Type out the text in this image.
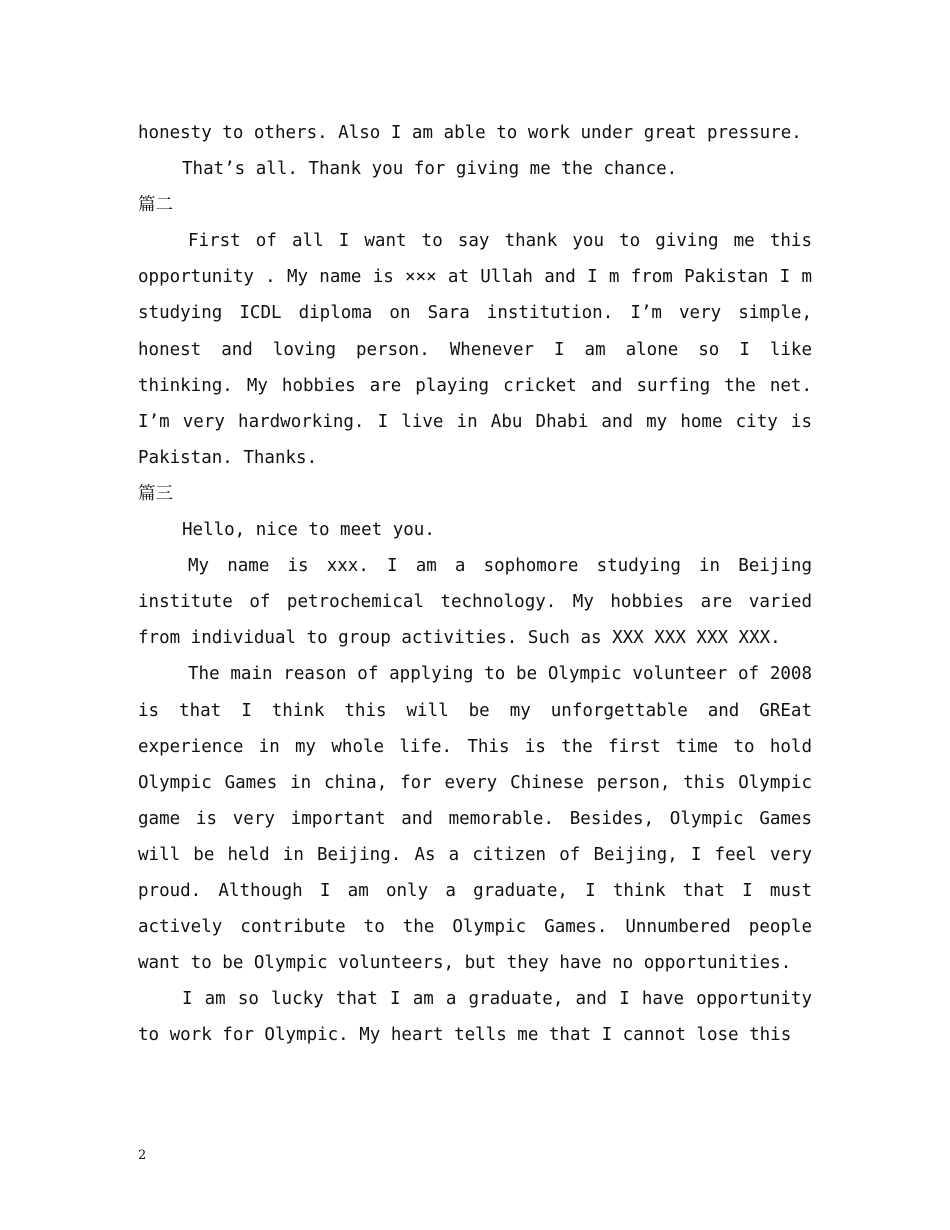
honesty to others. Also I am able to work under great pressure.

That’s all. Thank you for giving me the chance.

篇二

First of all I want to say thank you to giving me this opportunity . My name is ××× at Ullah and I m from Pakistan I m studying ICDL diploma on Sara institution. I’m very simple, honest and loving person. Whenever I am alone so I like thinking. My hobbies are playing cricket and surfing the net. I’m very hardworking. I live in Abu Dhabi and my home city is Pakistan. Thanks.

篇三

Hello, nice to meet you.

My name is xxx. I am a sophomore studying in Beijing institute of petrochemical technology. My hobbies are varied from individual to group activities. Such as XXX XXX XXX XXX.

The main reason of applying to be Olympic volunteer of 2008 is that I think this will be my unforgettable and GREat experience in my whole life. This is the first time to hold Olympic Games in china, for every Chinese person, this Olympic game is very important and memorable. Besides, Olympic Games will be held in Beijing. As a citizen of Beijing, I feel very proud. Although I am only a graduate, I think that I must actively contribute to the Olympic Games. Unnumbered people want to be Olympic volunteers, but they have no opportunities.

I am so lucky that I am a graduate, and I have opportunity to work for Olympic. My heart tells me that I cannot lose this

2
